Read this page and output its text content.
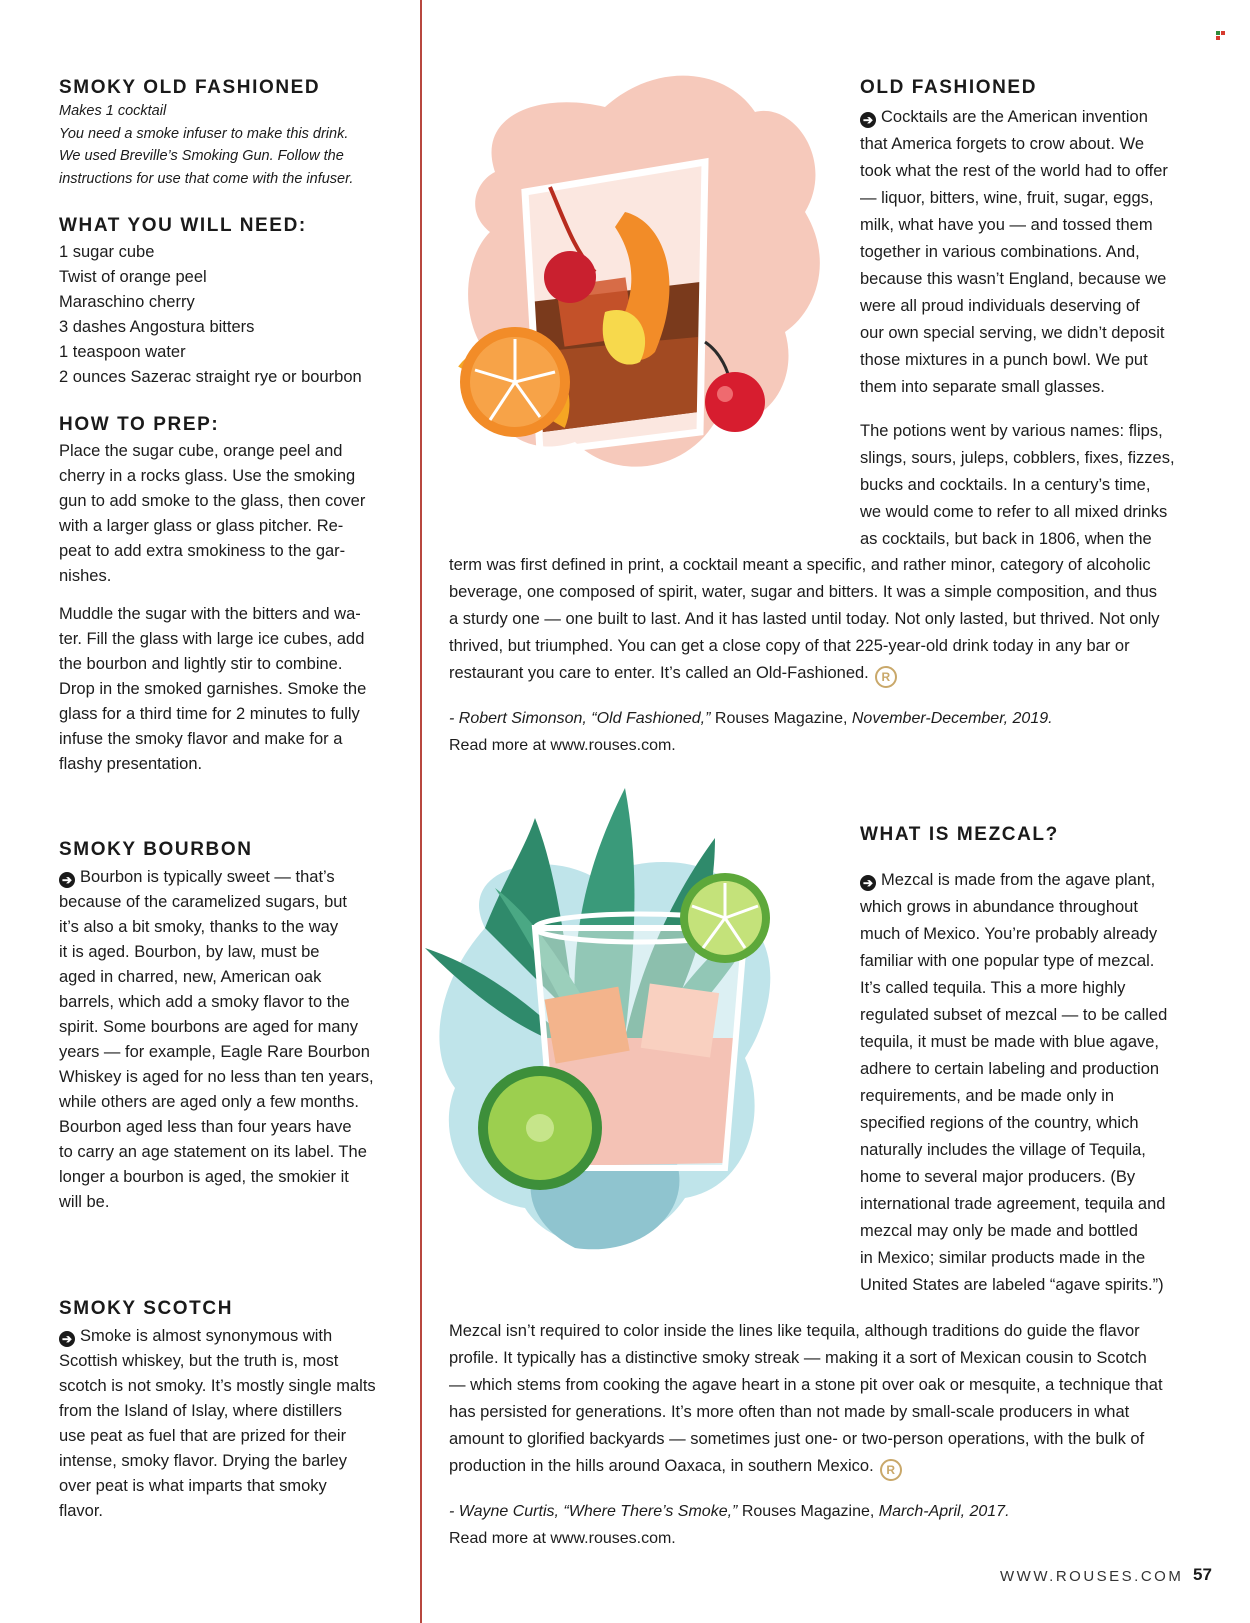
SMOKY OLD FASHIONED

Makes 1 cocktail

You need a smoke infuser to make this drink.

We used Breville’s Smoking Gun. Follow the

instructions for use that come with the infuser.

WHAT YOU WILL NEED:
1 sugar cube
Twist of orange peel
Maraschino cherry
3 dashes Angostura bitters
1 teaspoon water
2 ounces Sazerac straight rye or bourbon
HOW TO PREP:

Place the sugar cube, orange peel and

cherry in a rocks glass. Use the smoking

gun to add smoke to the glass, then cover

with a larger glass or glass pitcher. Re-

peat to add extra smokiness to the gar-

nishes.

Muddle the sugar with the bitters and wa-

ter. Fill the glass with large ice cubes, add

the bourbon and lightly stir to combine.

Drop in the smoked garnishes. Smoke the

glass for a third time for 2 minutes to fully

infuse the smoky flavor and make for a

flashy presentation.

SMOKY BOURBON

➔ Bourbon is typically sweet — that’s

because of the caramelized sugars, but

it’s also a bit smoky, thanks to the way

it is aged. Bourbon, by law, must be

aged in charred, new, American oak

barrels, which add a smoky flavor to the

spirit. Some bourbons are aged for many

years — for example, Eagle Rare Bourbon

Whiskey is aged for no less than ten years,

while others are aged only a few months.

Bourbon aged less than four years have

to carry an age statement on its label. The

longer a bourbon is aged, the smokier it

will be.

SMOKY SCOTCH

➔ Smoke is almost synonymous with

Scottish whiskey, but the truth is, most

scotch is not smoky. It’s mostly single malts

from the Island of Islay, where distillers

use peat as fuel that are prized for their

intense, smoky flavor. Drying the barley

over peat is what imparts that smoky

flavor.

OLD FASHIONED

➔ Cocktails are the American invention

that America forgets to crow about. We

took what the rest of the world had to offer

— liquor, bitters, wine, fruit, sugar, eggs,

milk, what have you — and tossed them

together in various combinations. And,

because this wasn’t England, because we

were all proud individuals deserving of

our own special serving, we didn’t deposit

those mixtures in a punch bowl. We put

them into separate small glasses.

The potions went by various names: flips,

slings, sours, juleps, cobblers, fixes, fizzes,

bucks and cocktails. In a century’s time,

we would come to refer to all mixed drinks

as cocktails, but back in 1806, when the

term was first defined in print, a cocktail meant a specific, and rather minor, category of alcoholic

beverage, one composed of spirit, water, sugar and bitters. It was a simple composition, and thus

a sturdy one — one built to last. And it has lasted until today. Not only lasted, but thrived. Not only

thrived, but triumphed. You can get a close copy of that 225-year-old drink today in any bar or

restaurant you care to enter. It’s called an Old-Fashioned. R

- Robert Simonson, “Old Fashioned,” Rouses Magazine, November-December, 2019.

Read more at www.rouses.com.

WHAT IS MEZCAL?

➔ Mezcal is made from the agave plant,

which grows in abundance throughout

much of Mexico. You’re probably already

familiar with one popular type of mezcal.

It’s called tequila. This a more highly

regulated subset of mezcal — to be called

tequila, it must be made with blue agave,

adhere to certain labeling and production

requirements, and be made only in

specified regions of the country, which

naturally includes the village of Tequila,

home to several major producers. (By

international trade agreement, tequila and

mezcal may only be made and bottled

in Mexico; similar products made in the

United States are labeled “agave spirits.”)

Mezcal isn’t required to color inside the lines like tequila, although traditions do guide the flavor

profile. It typically has a distinctive smoky streak — making it a sort of Mexican cousin to Scotch

— which stems from cooking the agave heart in a stone pit over oak or mesquite, a technique that

has persisted for generations. It’s more often than not made by small-scale producers in what

amount to glorified backyards — sometimes just one- or two-person operations, with the bulk of

production in the hills around Oaxaca, in southern Mexico. R

- Wayne Curtis, “Where There’s Smoke,” Rouses Magazine, March-April, 2017.

Read more at www.rouses.com.

WWW.ROUSES.COM 57
